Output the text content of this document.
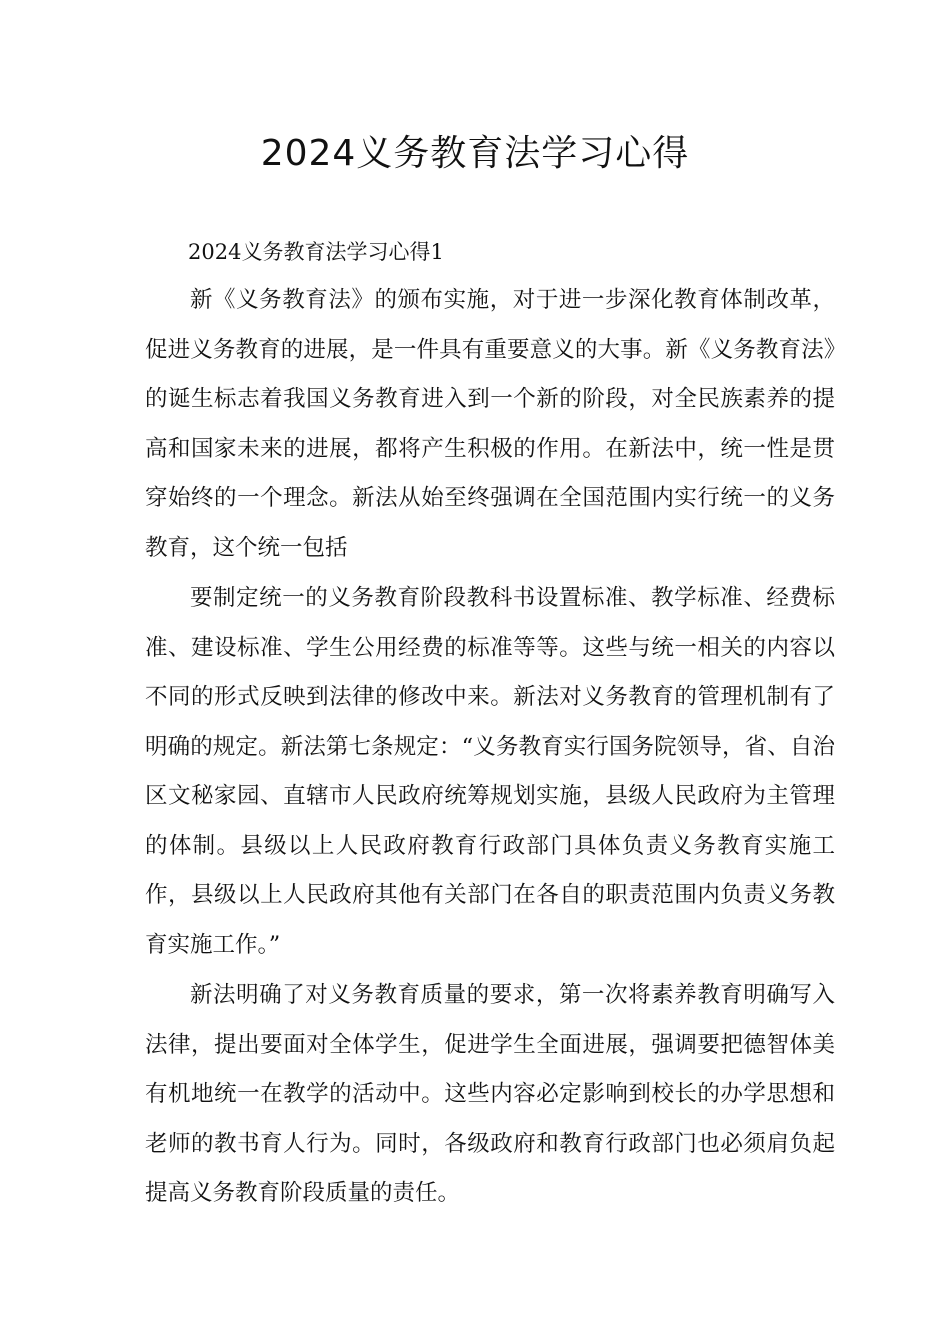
2024义务教育法学习心得

2024义务教育法学习心得1

新《义务教育法》的颁布实施，对于进一步深化教育体制改革，促进义务教育的进展，是一件具有重要意义的大事。新《义务教育法》的诞生标志着我国义务教育进入到一个新的阶段，对全民族素养的提高和国家未来的进展，都将产生积极的作用。在新法中，统一性是贯穿始终的一个理念。新法从始至终强调在全国范围内实行统一的义务教育，这个统一包括

要制定统一的义务教育阶段教科书设置标准、教学标准、经费标准、建设标准、学生公用经费的标准等等。这些与统一相关的内容以不同的形式反映到法律的修改中来。新法对义务教育的管理机制有了明确的规定。新法第七条规定：“义务教育实行国务院领导，省、自治区文秘家园、直辖市人民政府统筹规划实施，县级人民政府为主管理的体制。县级以上人民政府教育行政部门具体负责义务教育实施工作，县级以上人民政府其他有关部门在各自的职责范围内负责义务教育实施工作。”

新法明确了对义务教育质量的要求，第一次将素养教育明确写入法律，提出要面对全体学生，促进学生全面进展，强调要把德智体美有机地统一在教学的活动中。这些内容必定影响到校长的办学思想和老师的教书育人行为。同时，各级政府和教育行政部门也必须肩负起提高义务教育阶段质量的责任。
